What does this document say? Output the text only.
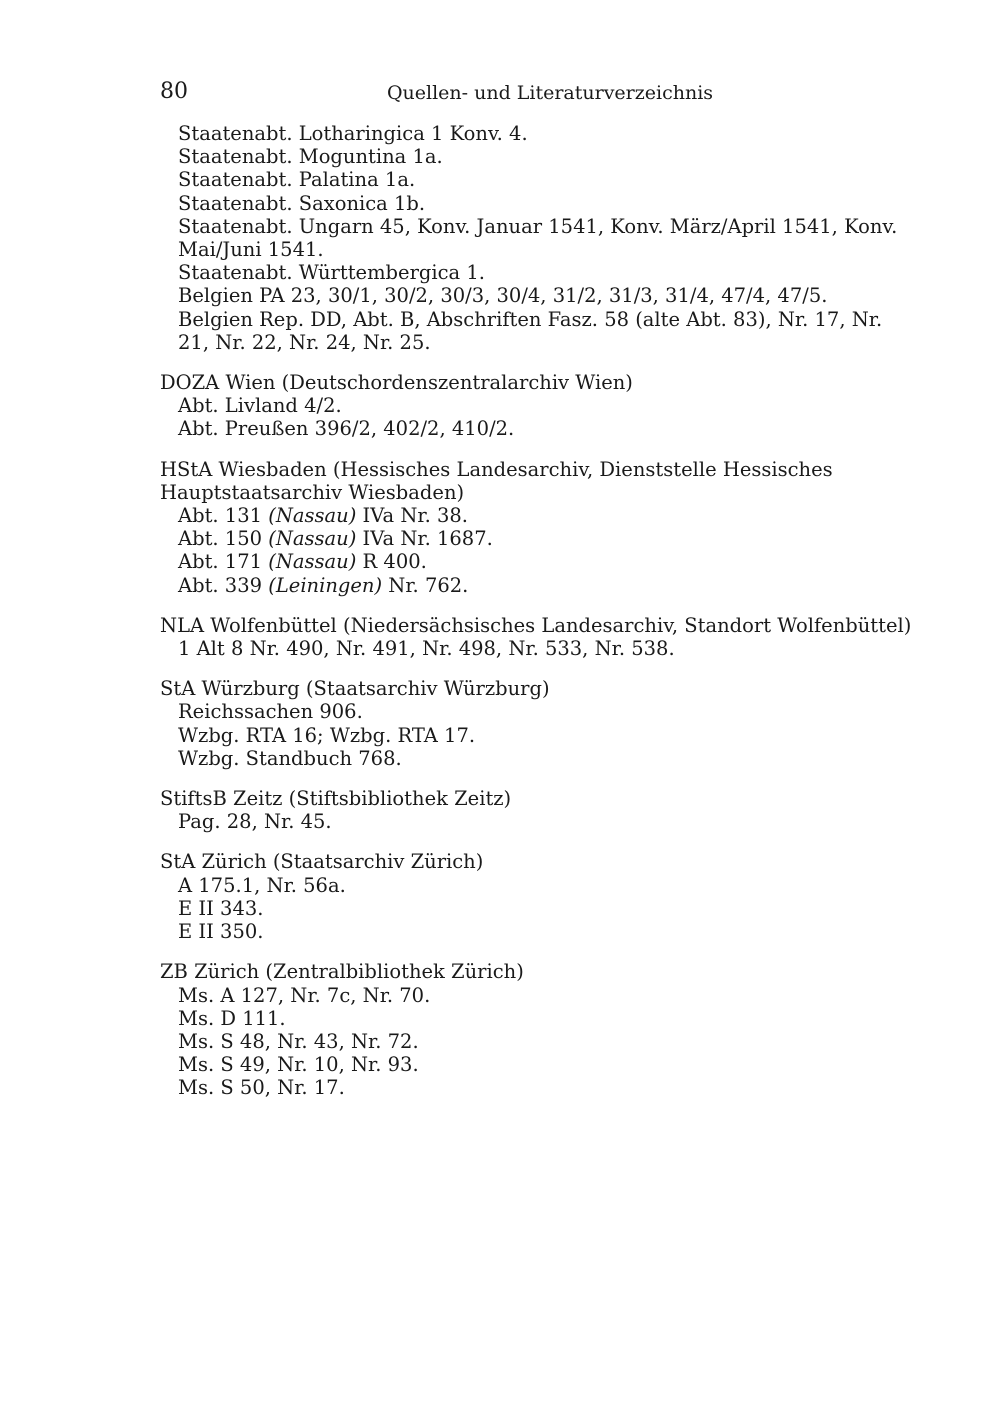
80	Quellen- und Literaturverzeichnis

Staatenabt. Lotharingica 1 Konv. 4.

Staatenabt. Moguntina 1a.

Staatenabt. Palatina 1a.

Staatenabt. Saxonica 1b.

Staatenabt. Ungarn 45, Konv. Januar 1541, Konv. März/April 1541, Konv. Mai/Juni 1541.

Staatenabt. Württembergica 1.

Belgien PA 23, 30/1, 30/2, 30/3, 30/4, 31/2, 31/3, 31/4, 47/4, 47/5.

Belgien Rep. DD, Abt. B, Abschriften Fasz. 58 (alte Abt. 83), Nr. 17, Nr. 21, Nr. 22, Nr. 24, Nr. 25.

DOZA Wien (Deutschordenszentralarchiv Wien)

Abt. Livland 4/2.

Abt. Preußen 396/2, 402/2, 410/2.

HStA Wiesbaden (Hessisches Landesarchiv, Dienststelle Hessisches Hauptstaatsarchiv Wiesbaden)

Abt. 131 (Nassau) IVa Nr. 38.

Abt. 150 (Nassau) IVa Nr. 1687.

Abt. 171 (Nassau) R 400.

Abt. 339 (Leiningen) Nr. 762.

NLA Wolfenbüttel (Niedersächsisches Landesarchiv, Standort Wolfenbüttel)

1 Alt 8 Nr. 490, Nr. 491, Nr. 498, Nr. 533, Nr. 538.

StA Würzburg (Staatsarchiv Würzburg)

Reichssachen 906.

Wzbg. RTA 16; Wzbg. RTA 17.

Wzbg. Standbuch 768.

StiftsB Zeitz (Stiftsbibliothek Zeitz)

Pag. 28, Nr. 45.

StA Zürich (Staatsarchiv Zürich)

A 175.1, Nr. 56a.

E II 343.

E II 350.

ZB Zürich (Zentralbibliothek Zürich)

Ms. A 127, Nr. 7c, Nr. 70.

Ms. D 111.

Ms. S 48, Nr. 43, Nr. 72.

Ms. S 49, Nr. 10, Nr. 93.

Ms. S 50, Nr. 17.
